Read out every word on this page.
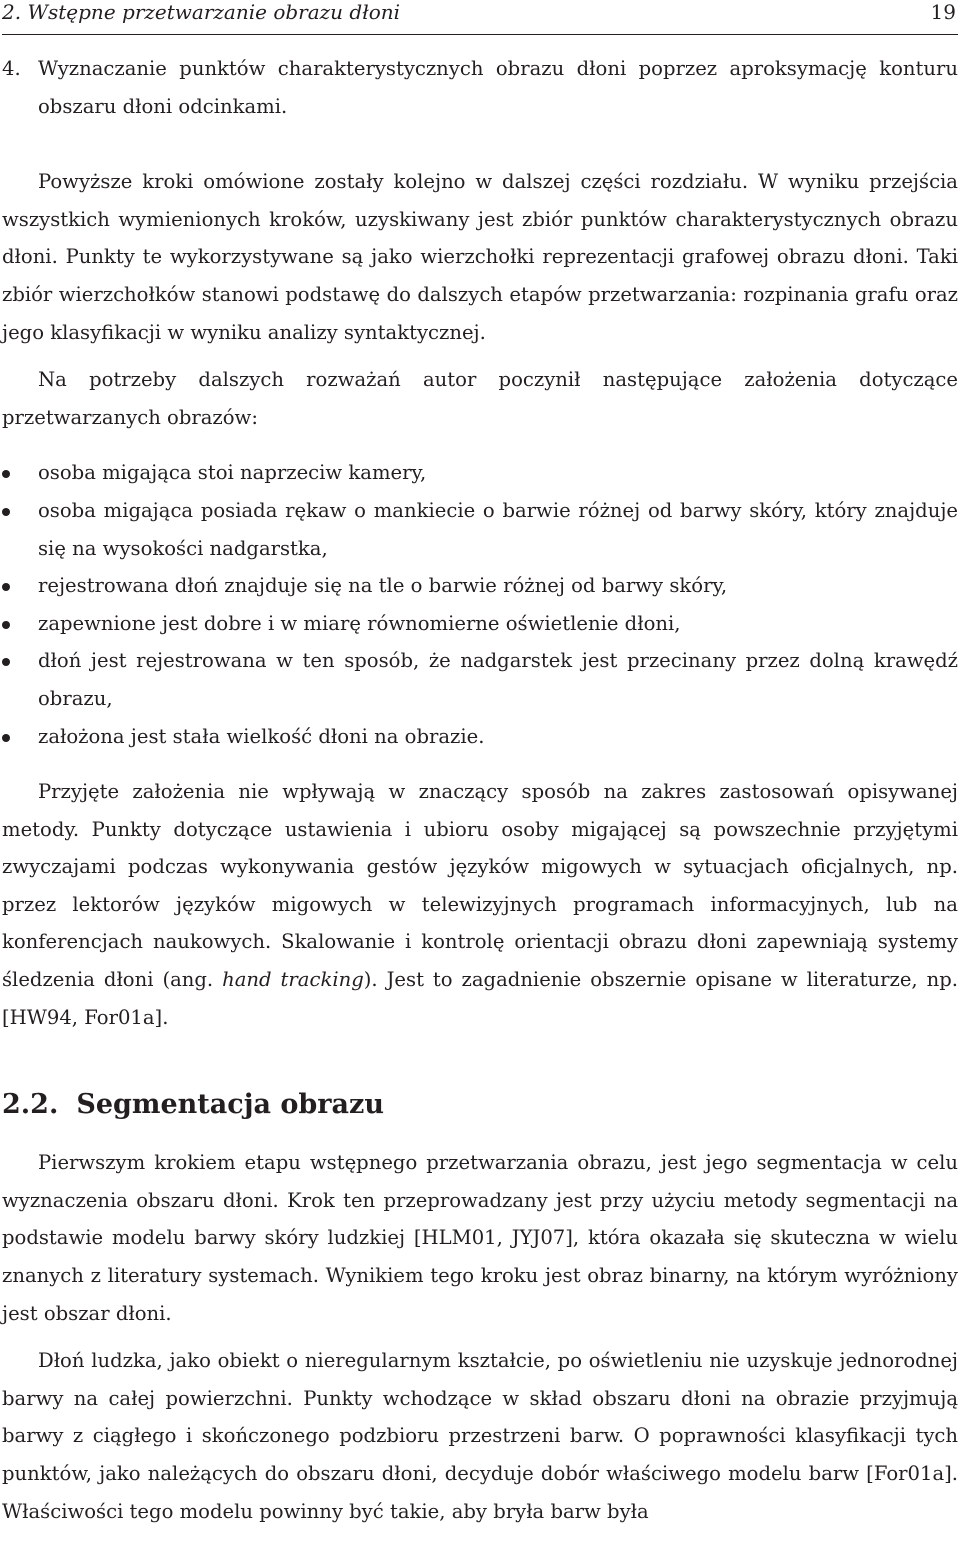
2. Wstępne przetwarzanie obrazu dłoni	19
4. Wyznaczanie punktów charakterystycznych obrazu dłoni poprzez aproksymację konturu obszaru dłoni odcinkami.

Powyższe kroki omówione zostały kolejno w dalszej części rozdziału. W wyniku przejścia wszystkich wymienionych kroków, uzyskiwany jest zbiór punktów charakterystycznych obrazu dłoni. Punkty te wykorzystywane są jako wierzchołki reprezentacji grafowej obrazu dłoni. Taki zbiór wierzchołków stanowi podstawę do dalszych etapów przetwarzania: rozpinania grafu oraz jego klasyfikacji w wyniku analizy syntaktycznej.

Na potrzeby dalszych rozważań autor poczynił następujące założenia dotyczące przetwarzanych obrazów:

osoba migająca stoi naprzeciw kamery,
osoba migająca posiada rękaw o mankiecie o barwie różnej od barwy skóry, który znajduje się na wysokości nadgarstka,
rejestrowana dłoń znajduje się na tle o barwie różnej od barwy skóry,
zapewnione jest dobre i w miarę równomierne oświetlenie dłoni,
dłoń jest rejestrowana w ten sposób, że nadgarstek jest przecinany przez dolną krawędź obrazu,
założona jest stała wielkość dłoni na obrazie.

Przyjęte założenia nie wpływają w znaczący sposób na zakres zastosowań opisywanej metody. Punkty dotyczące ustawienia i ubioru osoby migającej są powszechnie przyjętymi zwyczajami podczas wykonywania gestów języków migowych w sytuacjach oficjalnych, np. przez lektorów języków migowych w telewizyjnych programach informacyjnych, lub na konferencjach naukowych. Skalowanie i kontrolę orientacji obrazu dłoni zapewniają systemy śledzenia dłoni (ang. hand tracking). Jest to zagadnienie obszernie opisane w literaturze, np. [HW94, For01a].

2.2. Segmentacja obrazu

Pierwszym krokiem etapu wstępnego przetwarzania obrazu, jest jego segmentacja w celu wyznaczenia obszaru dłoni. Krok ten przeprowadzany jest przy użyciu metody segmentacji na podstawie modelu barwy skóry ludzkiej [HLM01, JYJ07], która okazała się skuteczna w wielu znanych z literatury systemach. Wynikiem tego kroku jest obraz binarny, na którym wyróżniony jest obszar dłoni.

Dłoń ludzka, jako obiekt o nieregularnym kształcie, po oświetleniu nie uzyskuje jednorodnej barwy na całej powierzchni. Punkty wchodzące w skład obszaru dłoni na obrazie przyjmują barwy z ciągłego i skończonego podzbioru przestrzeni barw. O poprawności klasyfikacji tych punktów, jako należących do obszaru dłoni, decyduje dobór właściwego modelu barw [For01a]. Właściwości tego modelu powinny być takie, aby bryła barw była
